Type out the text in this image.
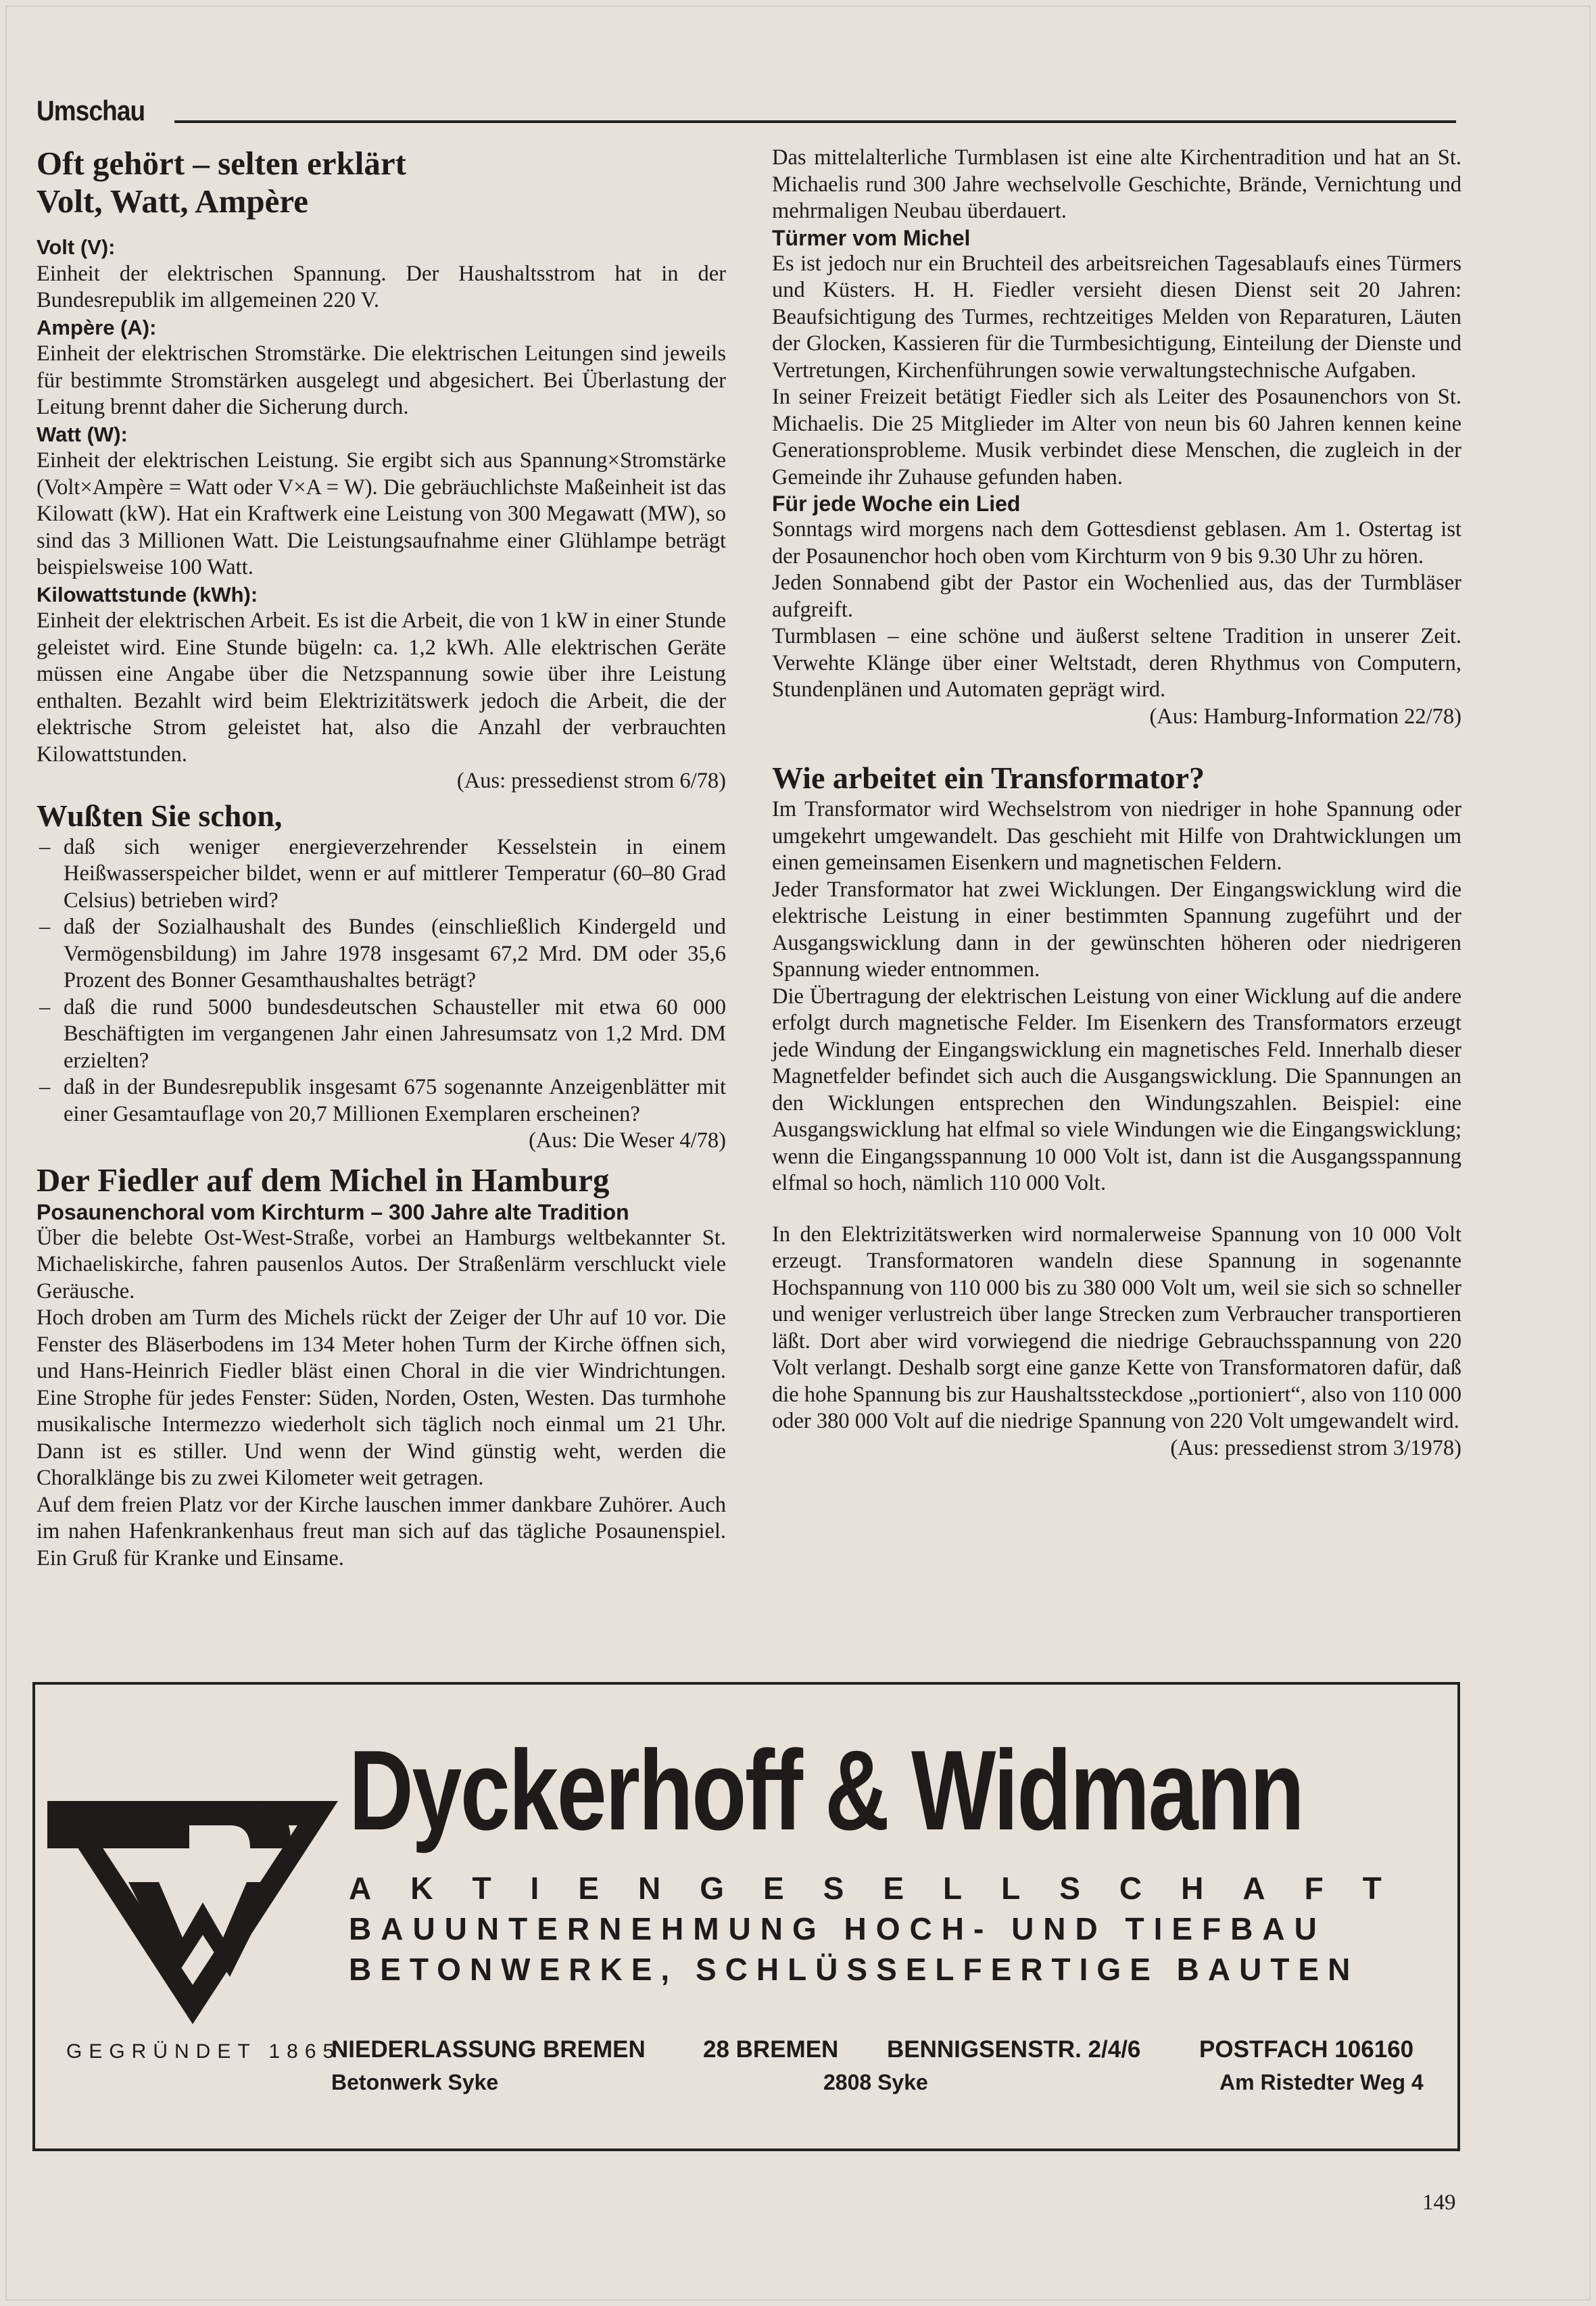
Umschau
Oft gehört – selten erklärt
Volt, Watt, Ampère
Volt (V):

Einheit der elektrischen Spannung. Der Haushaltsstrom hat in der Bundesrepublik im allgemeinen 220 V.

Ampère (A):

Einheit der elektrischen Stromstärke. Die elektrischen Leitungen sind jeweils für bestimmte Stromstärken ausgelegt und abgesichert. Bei Überlastung der Leitung brennt daher die Sicherung durch.

Watt (W):

Einheit der elektrischen Leistung. Sie ergibt sich aus Spannung×Stromstärke (Volt×Ampère = Watt oder V×A = W). Die gebräuchlichste Maßeinheit ist das Kilowatt (kW). Hat ein Kraftwerk eine Leistung von 300 Megawatt (MW), so sind das 3 Millionen Watt. Die Leistungsaufnahme einer Glühlampe beträgt beispielsweise 100 Watt.

Kilowattstunde (kWh):

Einheit der elektrischen Arbeit. Es ist die Arbeit, die von 1 kW in einer Stunde geleistet wird. Eine Stunde bügeln: ca. 1,2 kWh. Alle elektrischen Geräte müssen eine Angabe über die Netzspannung sowie über ihre Leistung enthalten. Bezahlt wird beim Elektrizitätswerk jedoch die Arbeit, die der elektrische Strom geleistet hat, also die Anzahl der verbrauchten Kilowattstunden.

(Aus: pressedienst strom 6/78)

Wußten Sie schon,
– daß sich weniger energieverzehrender Kesselstein in einem Heißwasserspeicher bildet, wenn er auf mittlerer Temperatur (60–80 Grad Celsius) betrieben wird?
– daß der Sozialhaushalt des Bundes (einschließlich Kindergeld und Vermögensbildung) im Jahre 1978 insgesamt 67,2 Mrd. DM oder 35,6 Prozent des Bonner Gesamthaushaltes beträgt?
– daß die rund 5000 bundesdeutschen Schausteller mit etwa 60 000 Beschäftigten im vergangenen Jahr einen Jahresumsatz von 1,2 Mrd. DM erzielten?
– daß in der Bundesrepublik insgesamt 675 sogenannte Anzeigenblätter mit einer Gesamtauflage von 20,7 Millionen Exemplaren erscheinen?

(Aus: Die Weser 4/78)

Der Fiedler auf dem Michel in Hamburg
Posaunenchoral vom Kirchturm – 300 Jahre alte Tradition

Über die belebte Ost-West-Straße, vorbei an Hamburgs weltbekannter St. Michaeliskirche, fahren pausenlos Autos. Der Straßenlärm verschluckt viele Geräusche.

Hoch droben am Turm des Michels rückt der Zeiger der Uhr auf 10 vor. Die Fenster des Bläserbodens im 134 Meter hohen Turm der Kirche öffnen sich, und Hans-Heinrich Fiedler bläst einen Choral in die vier Windrichtungen. Eine Strophe für jedes Fenster: Süden, Norden, Osten, Westen. Das turmhohe musikalische Intermezzo wiederholt sich täglich noch einmal um 21 Uhr. Dann ist es stiller. Und wenn der Wind günstig weht, werden die Choralklänge bis zu zwei Kilometer weit getragen.

Auf dem freien Platz vor der Kirche lauschen immer dankbare Zuhörer. Auch im nahen Hafenkrankenhaus freut man sich auf das tägliche Posaunenspiel. Ein Gruß für Kranke und Einsame.

Das mittelalterliche Turmblasen ist eine alte Kirchentradition und hat an St. Michaelis rund 300 Jahre wechselvolle Geschichte, Brände, Vernichtung und mehrmaligen Neubau überdauert.

Türmer vom Michel

Es ist jedoch nur ein Bruchteil des arbeitsreichen Tagesablaufs eines Türmers und Küsters. H. H. Fiedler versieht diesen Dienst seit 20 Jahren: Beaufsichtigung des Turmes, rechtzeitiges Melden von Reparaturen, Läuten der Glocken, Kassieren für die Turmbesichtigung, Einteilung der Dienste und Vertretungen, Kirchenführungen sowie verwaltungstechnische Aufgaben.

In seiner Freizeit betätigt Fiedler sich als Leiter des Posaunenchors von St. Michaelis. Die 25 Mitglieder im Alter von neun bis 60 Jahren kennen keine Generationsprobleme. Musik verbindet diese Menschen, die zugleich in der Gemeinde ihr Zuhause gefunden haben.

Für jede Woche ein Lied

Sonntags wird morgens nach dem Gottesdienst geblasen. Am 1. Ostertag ist der Posaunenchor hoch oben vom Kirchturm von 9 bis 9.30 Uhr zu hören.

Jeden Sonnabend gibt der Pastor ein Wochenlied aus, das der Turmbläser aufgreift.

Turmblasen – eine schöne und äußerst seltene Tradition in unserer Zeit. Verwehte Klänge über einer Weltstadt, deren Rhythmus von Computern, Stundenplänen und Automaten geprägt wird.

(Aus: Hamburg-Information 22/78)

Wie arbeitet ein Transformator?

Im Transformator wird Wechselstrom von niedriger in hohe Spannung oder umgekehrt umgewandelt. Das geschieht mit Hilfe von Drahtwicklungen um einen gemeinsamen Eisenkern und magnetischen Feldern.

Jeder Transformator hat zwei Wicklungen. Der Eingangswicklung wird die elektrische Leistung in einer bestimmten Spannung zugeführt und der Ausgangswicklung dann in der gewünschten höheren oder niedrigeren Spannung wieder entnommen.

Die Übertragung der elektrischen Leistung von einer Wicklung auf die andere erfolgt durch magnetische Felder. Im Eisenkern des Transformators erzeugt jede Windung der Eingangswicklung ein magnetisches Feld. Innerhalb dieser Magnetfelder befindet sich auch die Ausgangswicklung. Die Spannungen an den Wicklungen entsprechen den Windungszahlen. Beispiel: eine Ausgangswicklung hat elfmal so viele Windungen wie die Eingangswicklung; wenn die Eingangsspannung 10 000 Volt ist, dann ist die Ausgangsspannung elfmal so hoch, nämlich 110 000 Volt.

In den Elektrizitätswerken wird normalerweise Spannung von 10 000 Volt erzeugt. Transformatoren wandeln diese Spannung in sogenannte Hochspannung von 110 000 bis zu 380 000 Volt um, weil sie sich so schneller und weniger verlustreich über lange Strecken zum Verbraucher transportieren läßt. Dort aber wird vorwiegend die niedrige Gebrauchsspannung von 220 Volt verlangt. Deshalb sorgt eine ganze Kette von Transformatoren dafür, daß die hohe Spannung bis zur Haushaltssteckdose „portioniert“, also von 110 000 oder 380 000 Volt auf die niedrige Spannung von 220 Volt umgewandelt wird.

(Aus: pressedienst strom 3/1978)

Dyckerhoff & Widmann
AKTIENGESELLSCHAFT
BAUUNTERNEHMUNG HOCH- UND TIEFBAU
BETONWERKE, SCHLÜSSELFERTIGE BAUTEN
GEGRÜNDET 1865
NIEDERLASSUNG BREMEN 28 BREMEN BENNIGSENSTR. 2/4/6 POSTFACH 106160
Betonwerk Syke	2808 Syke	Am Ristedter Weg 4
149
